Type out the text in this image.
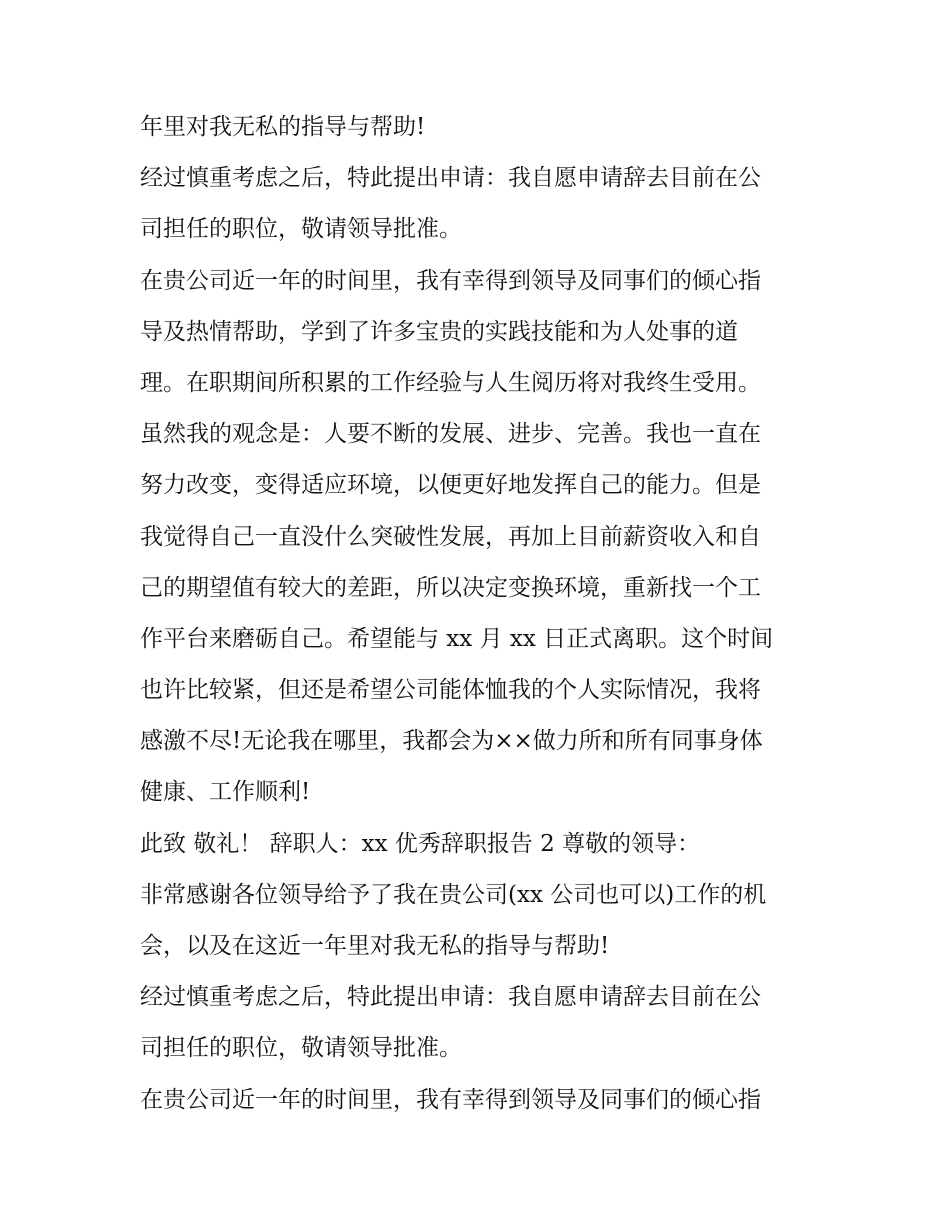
年里对我无私的指导与帮助!
经过慎重考虑之后，特此提出申请：我自愿申请辞去目前在公
司担任的职位，敬请领导批准。
在贵公司近一年的时间里，我有幸得到领导及同事们的倾心指
导及热情帮助，学到了许多宝贵的实践技能和为人处事的道
理。在职期间所积累的工作经验与人生阅历将对我终生受用。
虽然我的观念是：人要不断的发展、进步、完善。我也一直在
努力改变，变得适应环境，以便更好地发挥自己的能力。但是
我觉得自己一直没什么突破性发展，再加上目前薪资收入和自
己的期望值有较大的差距，所以决定变换环境，重新找一个工
作平台来磨砺自己。希望能与 xx 月 xx 日正式离职。这个时间
也许比较紧，但还是希望公司能体恤我的个人实际情况，我将
感激不尽!无论我在哪里，我都会为××做力所和所有同事身体
健康、工作顺利!
此致 敬礼！ 辞职人：xx 优秀辞职报告 2 尊敬的领导：
非常感谢各位领导给予了我在贵公司(xx 公司也可以)工作的机
会，以及在这近一年里对我无私的指导与帮助!
经过慎重考虑之后，特此提出申请：我自愿申请辞去目前在公
司担任的职位，敬请领导批准。
在贵公司近一年的时间里，我有幸得到领导及同事们的倾心指
